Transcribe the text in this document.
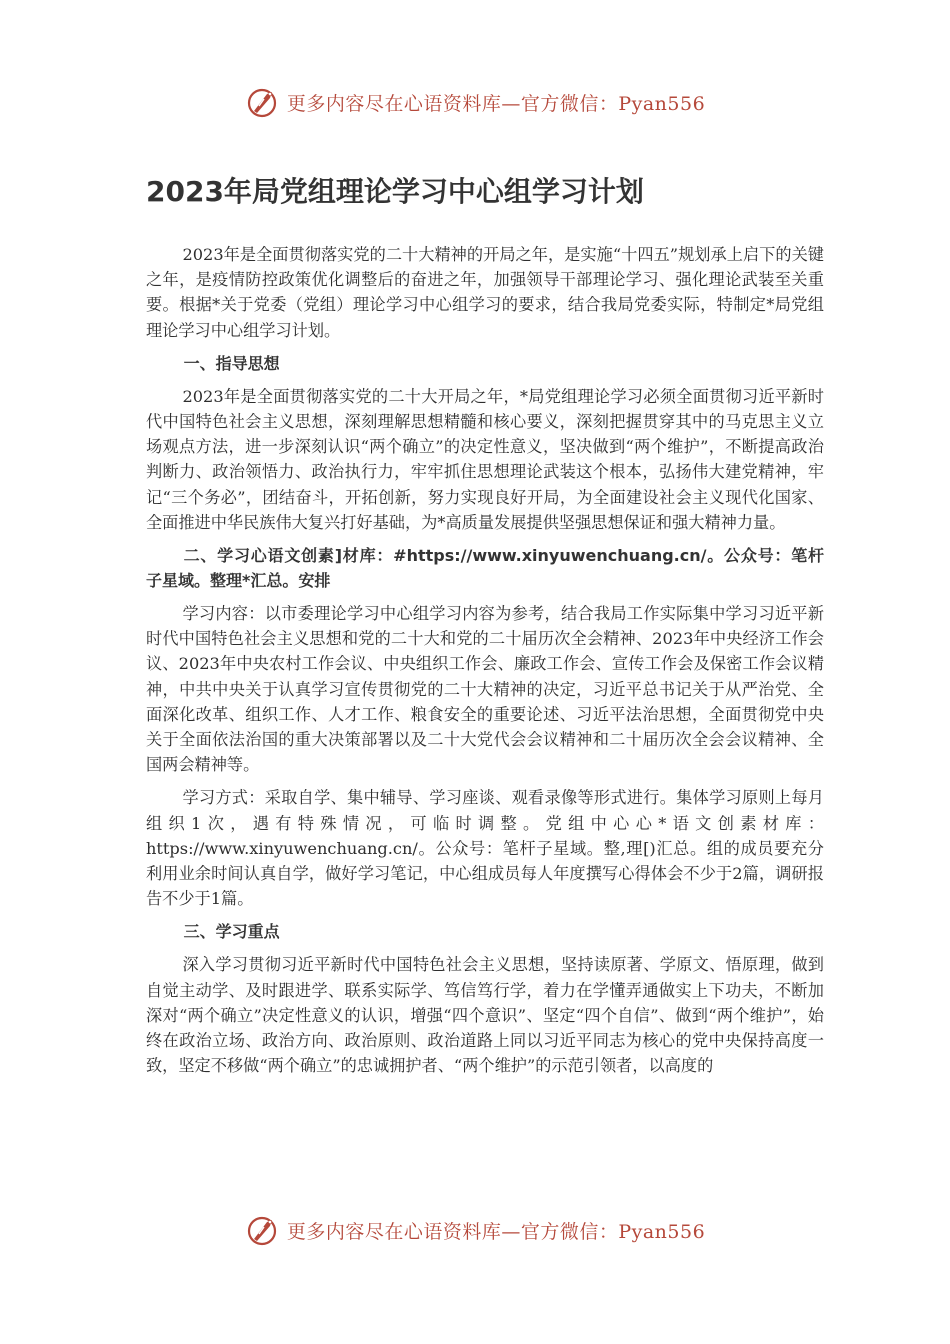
更多内容尽在心语资料库—官方微信：Pyan556
2023年局党组理论学习中心组学习计划

2023年是全面贯彻落实党的二十大精神的开局之年，是实施“十四五”规划承上启下的关键之年，是疫情防控政策优化调整后的奋进之年，加强领导干部理论学习、强化理论武装至关重要。根据*关于党委（党组）理论学习中心组学习的要求，结合我局党委实际，特制定*局党组理论学习中心组学习计划。

一、指导思想

2023年是全面贯彻落实党的二十大开局之年，*局党组理论学习必须全面贯彻习近平新时代中国特色社会主义思想，深刻理解思想精髓和核心要义，深刻把握贯穿其中的马克思主义立场观点方法，进一步深刻认识“两个确立”的决定性意义，坚决做到“两个维护”，不断提高政治判断力、政治领悟力、政治执行力，牢牢抓住思想理论武装这个根本，弘扬伟大建党精神，牢记“三个务必”，团结奋斗，开拓创新，努力实现良好开局，为全面建设社会主义现代化国家、全面推进中华民族伟大复兴打好基础，为*高质量发展提供坚强思想保证和强大精神力量。

二、学习心语文创素]材库：#https://www.xinyuwenchuang.cn/。公众号：笔杆子星域。整理*汇总。安排

学习内容：以市委理论学习中心组学习内容为参考，结合我局工作实际集中学习习近平新时代中国特色社会主义思想和党的二十大和党的二十届历次全会精神、2023年中央经济工作会议、2023年中央农村工作会议、中央组织工作会、廉政工作会、宣传工作会及保密工作会议精神，中共中央关于认真学习宣传贯彻党的二十大精神的决定，习近平总书记关于从严治党、全面深化改革、组织工作、人才工作、粮食安全的重要论述、习近平法治思想，全面贯彻党中央关于全面依法治国的重大决策部署以及二十大党代会会议精神和二十届历次全会会议精神、全国两会精神等。

学习方式：采取自学、集中辅导、学习座谈、观看录像等形式进行。集体学习原则上每月组织1次，遇有特殊情况，可临时调整。党组中心心*语文创素材库：https://www.xinyuwenchuang.cn/。公众号：笔杆子星域。整,理[)汇总。组的成员要充分利用业余时间认真自学，做好学习笔记，中心组成员每人年度撰写心得体会不少于2篇，调研报告不少于1篇。

三、学习重点

深入学习贯彻习近平新时代中国特色社会主义思想，坚持读原著、学原文、悟原理，做到自觉主动学、及时跟进学、联系实际学、笃信笃行学，着力在学懂弄通做实上下功夫，不断加深对“两个确立”决定性意义的认识，增强“四个意识”、坚定“四个自信”、做到“两个维护”，始终在政治立场、政治方向、政治原则、政治道路上同以习近平同志为核心的党中央保持高度一致，坚定不移做“两个确立”的忠诚拥护者、“两个维护”的示范引领者，以高度的

更多内容尽在心语资料库—官方微信：Pyan556
